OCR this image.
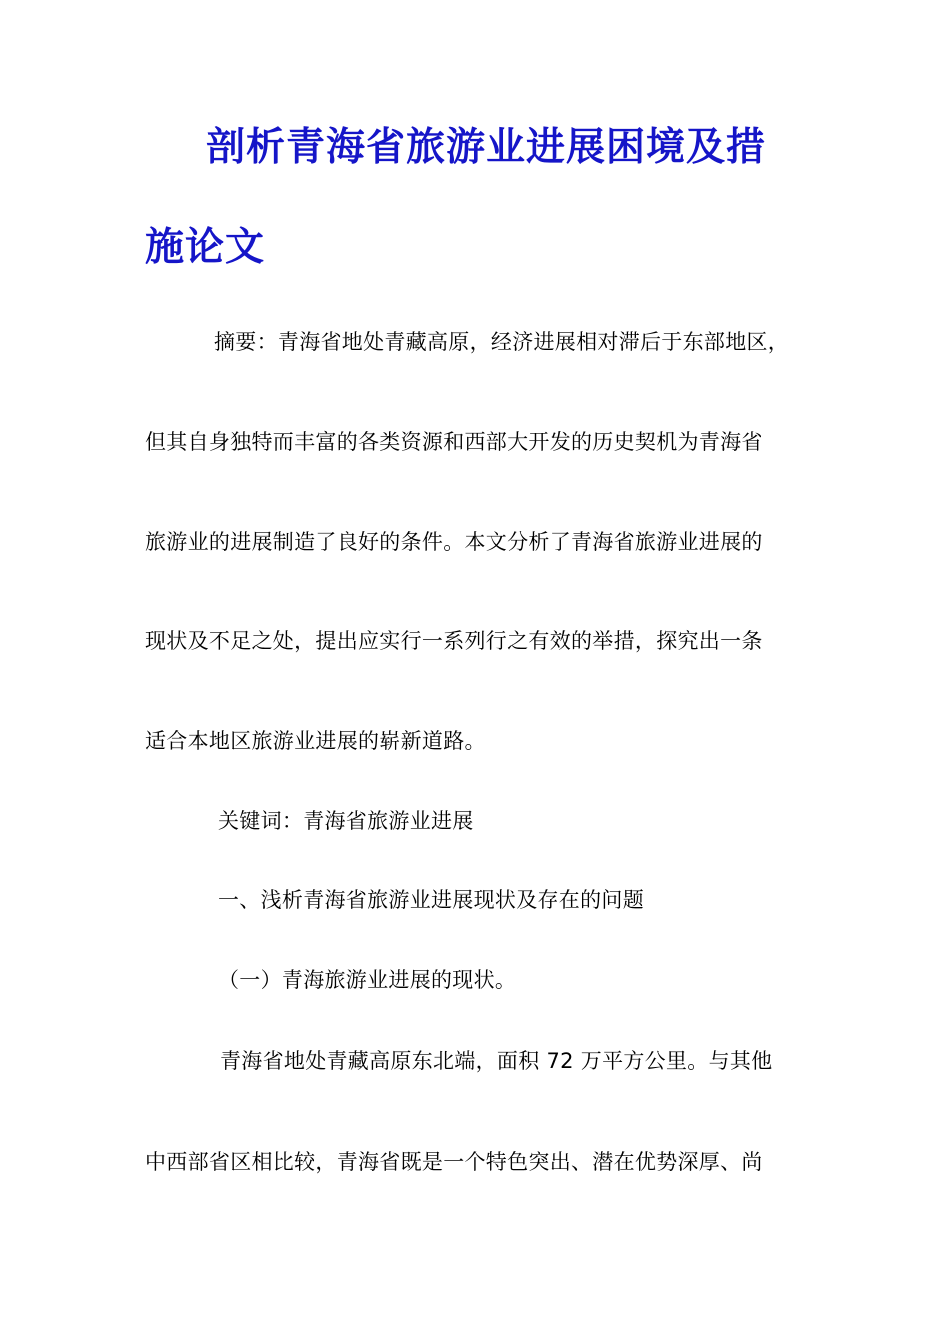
剖析青海省旅游业进展困境及措
施论文

摘要：青海省地处青藏高原，经济进展相对滞后于东部地区，

但其自身独特而丰富的各类资源和西部大开发的历史契机为青海省

旅游业的进展制造了良好的条件。本文分析了青海省旅游业进展的

现状及不足之处，提出应实行一系列行之有效的举措，探究出一条

适合本地区旅游业进展的崭新道路。

关键词：青海省旅游业进展

一、浅析青海省旅游业进展现状及存在的问题

（一）青海旅游业进展的现状。

青海省地处青藏高原东北端，面积 72 万平方公里。与其他

中西部省区相比较，青海省既是一个特色突出、潜在优势深厚、尚
